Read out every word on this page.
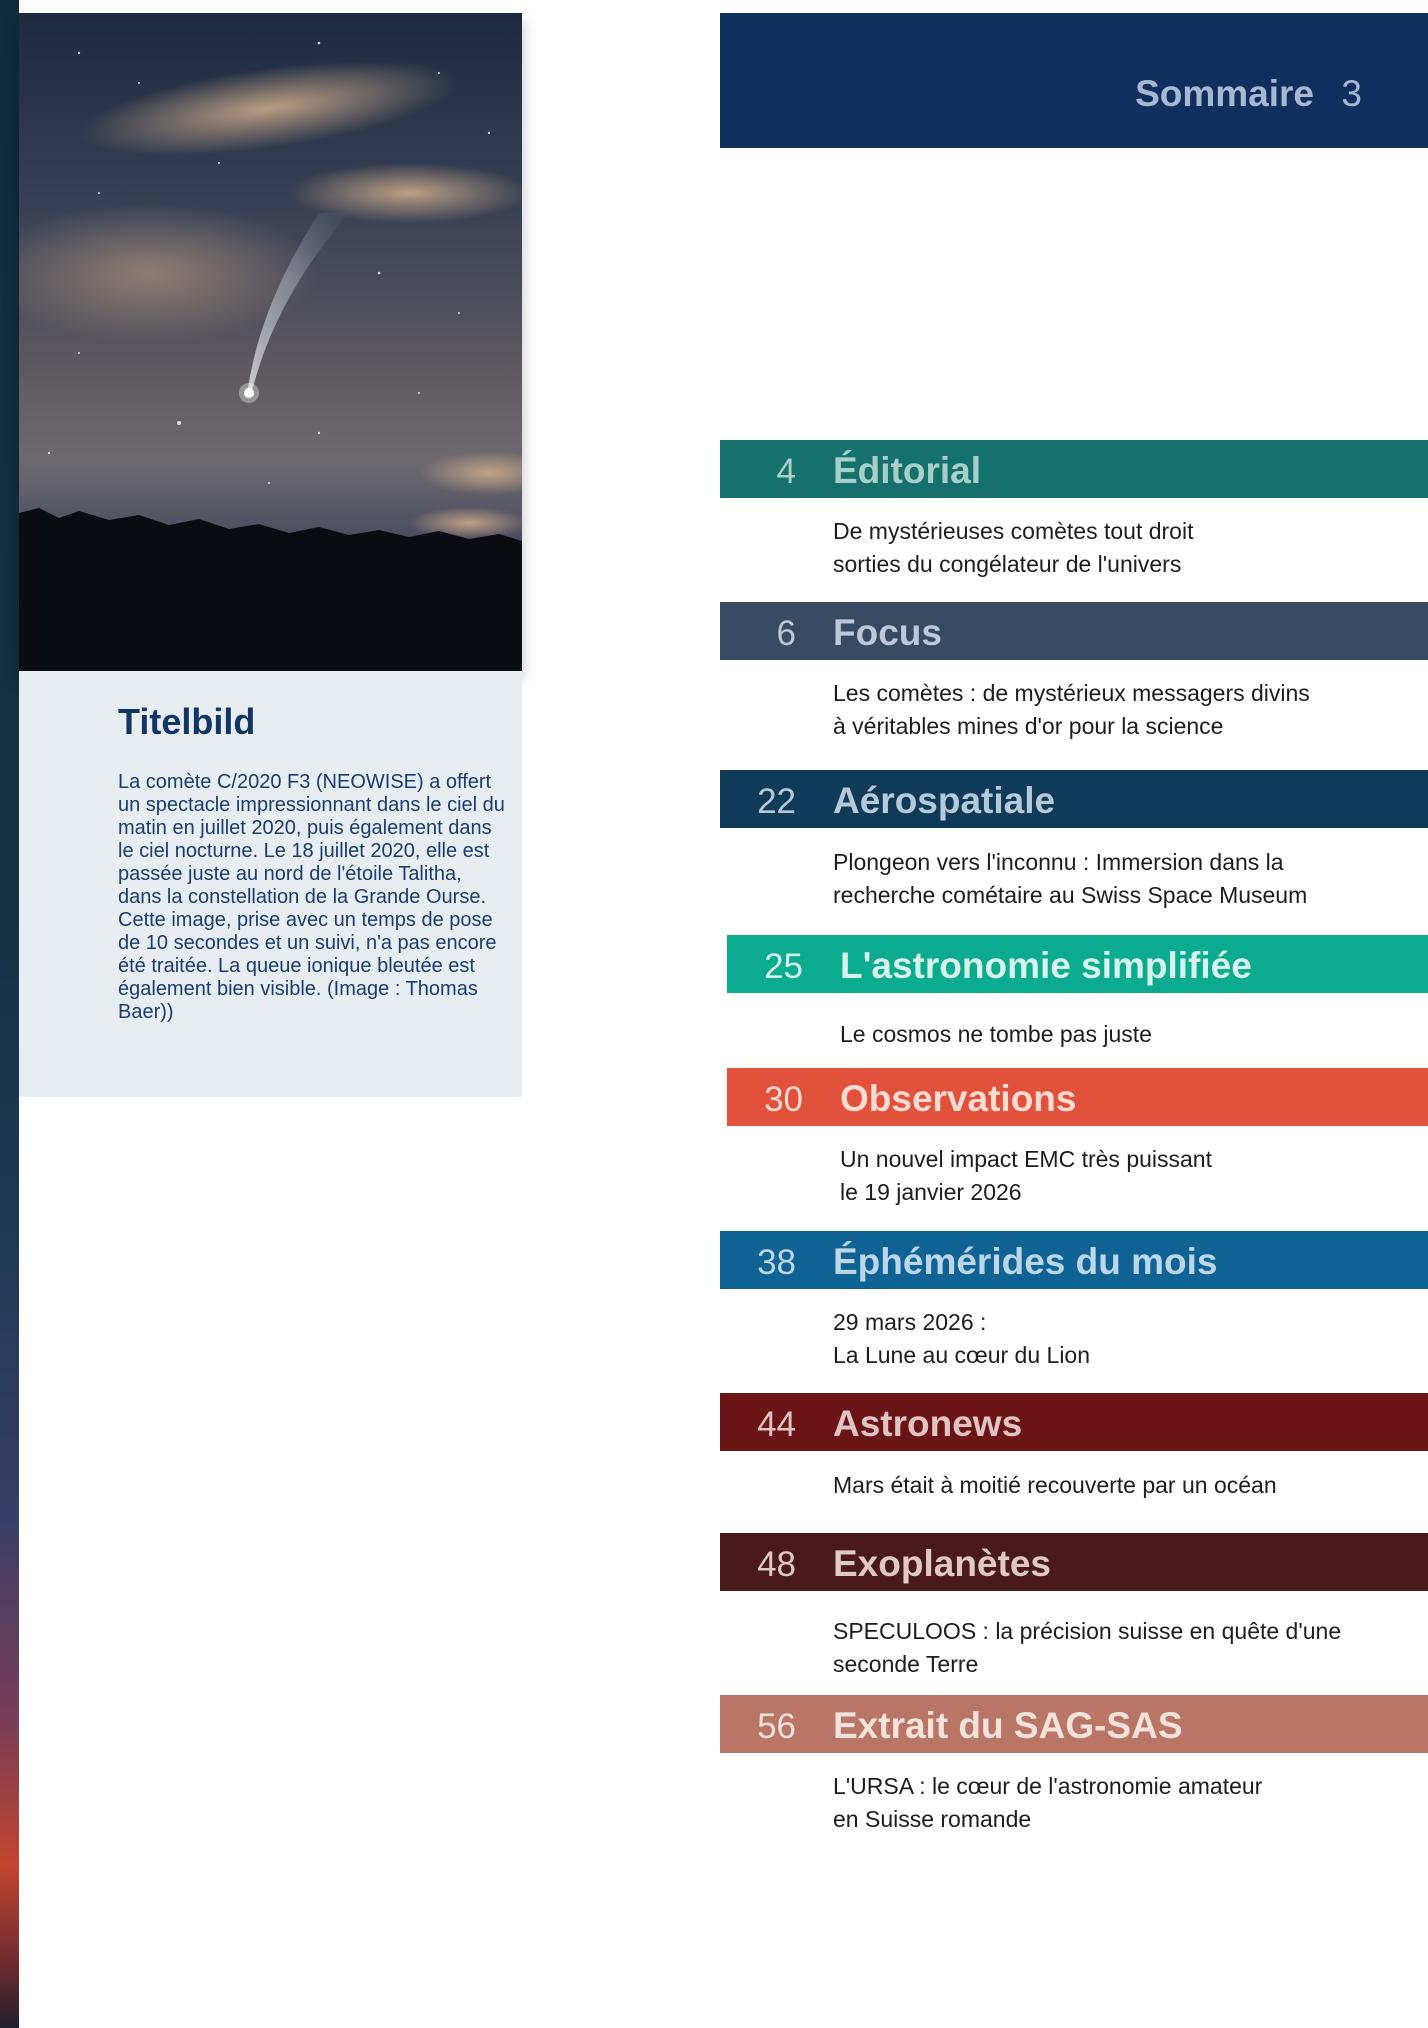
Titelbild

La comète C/2020 F3 (NEOWISE) a offert un spectacle impressionnant dans le ciel du matin en juillet 2020, puis également dans le ciel nocturne. Le 18 juillet 2020, elle est passée juste au nord de l'étoile Talitha, dans la constellation de la Grande Ourse. Cette image, prise avec un temps de pose de 10 secondes et un suivi, n'a pas encore été traitée. La queue ionique bleutée est également bien visible. (Image : Thomas Baer))

Sommaire 3
4 Éditorial

De mystérieuses comètes tout droit
sorties du congélateur de l'univers

6 Focus

Les comètes : de mystérieux messagers divins
à véritables mines d'or pour la science

22 Aérospatiale

Plongeon vers l'inconnu : Immersion dans la
recherche cométaire au Swiss Space Museum

25 L'astronomie simplifiée

Le cosmos ne tombe pas juste

30 Observations

Un nouvel impact EMC très puissant
le 19 janvier 2026

38 Éphémérides du mois

29 mars 2026 :
La Lune au cœur du Lion

44 Astronews

Mars était à moitié recouverte par un océan

48 Exoplanètes

SPECULOOS : la précision suisse en quête d'une
seconde Terre

56 Extrait du SAG-SAS

L'URSA : le cœur de l'astronomie amateur
en Suisse romande
